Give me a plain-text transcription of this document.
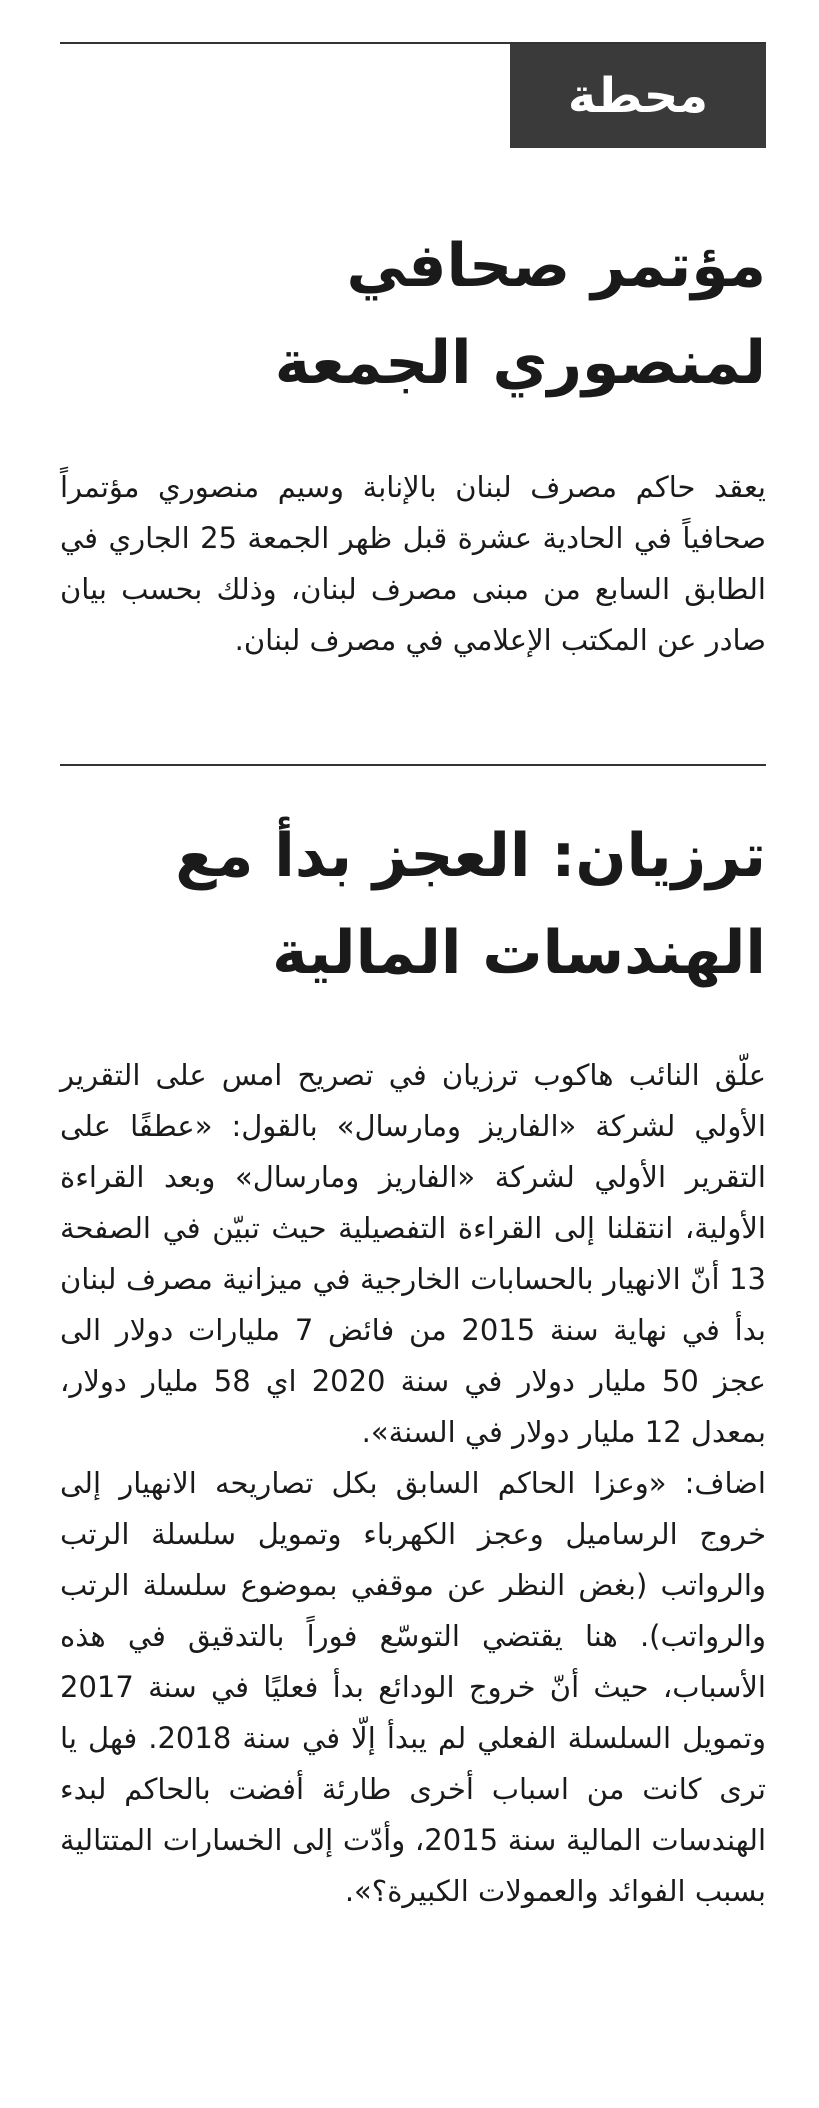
محطة
مؤتمر صحافي لمنصوري الجمعة

يعقد حاكم مصرف لبنان بالإنابة وسيم منصوري مؤتمراً صحافياً في الحادية عشرة قبل ظهر الجمعة 25 الجاري في الطابق السابع من مبنى مصرف لبنان، وذلك بحسب بيان صادر عن المكتب الإعلامي في مصرف لبنان.

ترزيان: العجز بدأ مع الهندسات المالية

علّق النائب هاكوب ترزيان في تصريح امس على التقرير الأولي لشركة «الفاريز ومارسال» بالقول: «عطفًا على التقرير الأولي لشركة «الفاريز ومارسال» وبعد القراءة الأولية، انتقلنا إلى القراءة التفصيلية حيث تبيّن في الصفحة 13 أنّ الانهيار بالحسابات الخارجية في ميزانية مصرف لبنان بدأ في نهاية سنة 2015 من فائض 7 مليارات دولار الى عجز 50 مليار دولار في سنة 2020 اي 58 مليار دولار، بمعدل 12 مليار دولار في السنة».

اضاف: «وعزا الحاكم السابق بكل تصاريحه الانهيار إلى خروج الرساميل وعجز الكهرباء وتمويل سلسلة الرتب والرواتب (بغض النظر عن موقفي بموضوع سلسلة الرتب والرواتب). هنا يقتضي التوسّع فوراً بالتدقيق في هذه الأسباب، حيث أنّ خروج الودائع بدأ فعليًا في سنة 2017 وتمويل السلسلة الفعلي لم يبدأ إلّا في سنة 2018. فهل يا ترى كانت من اسباب أخرى طارئة أفضت بالحاكم لبدء الهندسات المالية سنة 2015، وأدّت إلى الخسارات المتتالية بسبب الفوائد والعمولات الكبيرة؟».
